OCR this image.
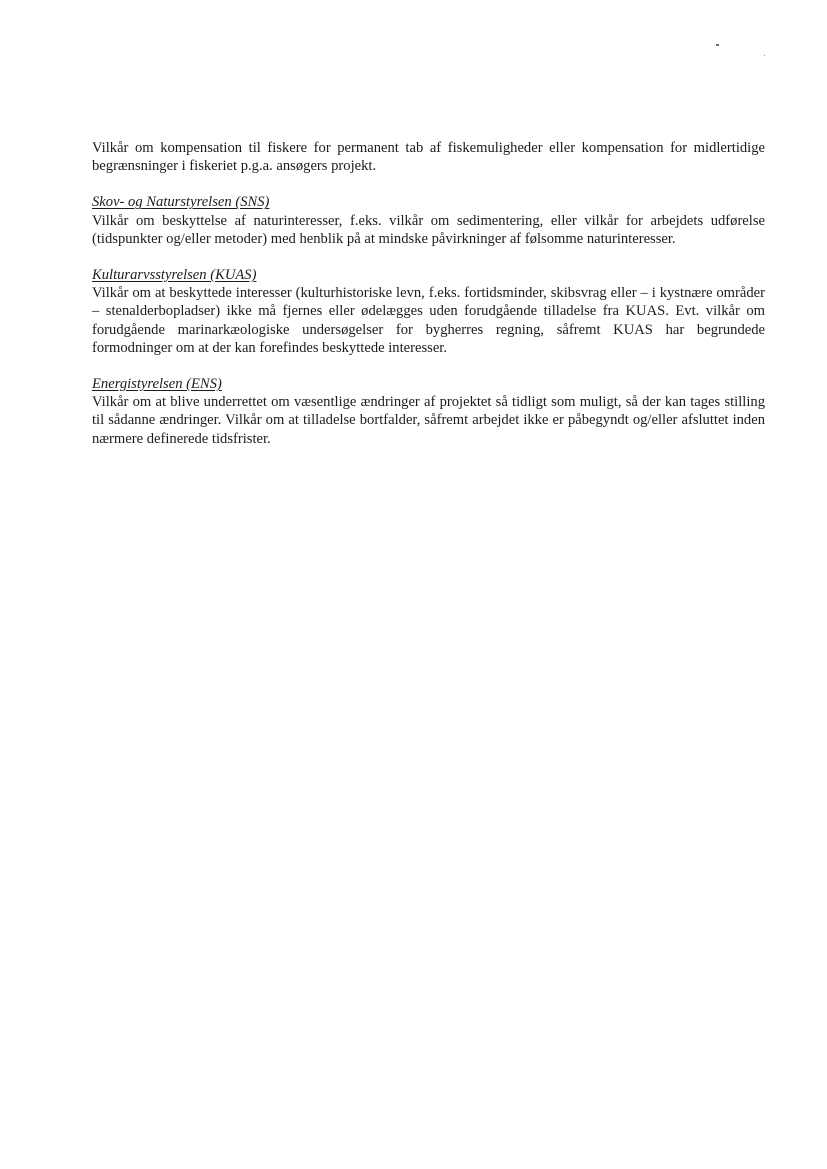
Vilkår om kompensation til fiskere for permanent tab af fiskemuligheder eller kompensation for midlertidige begrænsninger i fiskeriet p.g.a. ansøgers projekt.

Skov- og Naturstyrelsen (SNS)

Vilkår om beskyttelse af naturinteresser, f.eks. vilkår om sedimentering, eller vilkår for arbejdets udførelse (tidspunkter og/eller metoder) med henblik på at mindske påvirkninger af følsomme naturinteresser.

Kulturarvsstyrelsen (KUAS)

Vilkår om at beskyttede interesser (kulturhistoriske levn, f.eks. fortidsminder, skibsvrag eller – i kystnære områder – stenalderbopladser) ikke må fjernes eller ødelægges uden forudgående tilladelse fra KUAS. Evt. vilkår om forudgående marinarkæologiske undersøgelser for bygherres regning, såfremt KUAS har begrundede formodninger om at der kan forefindes beskyttede interesser.

Energistyrelsen (ENS)

Vilkår om at blive underrettet om væsentlige ændringer af projektet så tidligt som muligt, så der kan tages stilling til sådanne ændringer. Vilkår om at tilladelse bortfalder, såfremt arbejdet ikke er påbegyndt og/eller afsluttet inden nærmere definerede tidsfrister.
